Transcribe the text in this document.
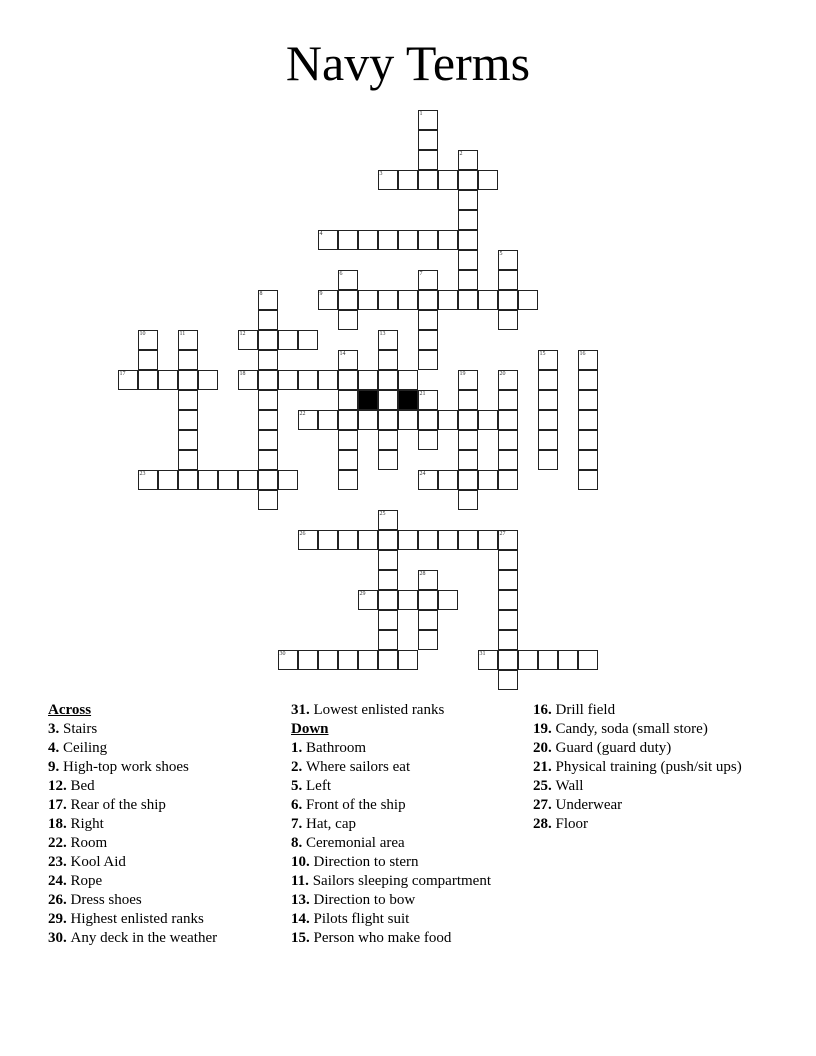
Navy Terms
1
2
3
4
5
6	7
8	9
10	11	12	13
14	15	16
17	18	19	20
21
22
23	24
25
26	27
28
29
30	31
Across
3. Stairs
4. Ceiling
9. High-top work shoes
12. Bed
17. Rear of the ship
18. Right
22. Room
23. Kool Aid
24. Rope
26. Dress shoes
29. Highest enlisted ranks
30. Any deck in the weather
31. Lowest enlisted ranks
Down
1. Bathroom
2. Where sailors eat
5. Left
6. Front of the ship
7. Hat, cap
8. Ceremonial area
10. Direction to stern
11. Sailors sleeping compartment
13. Direction to bow
14. Pilots flight suit
15. Person who make food
16. Drill field
19. Candy, soda (small store)
20. Guard (guard duty)
21. Physical training (push/sit ups)
25. Wall
27. Underwear
28. Floor
